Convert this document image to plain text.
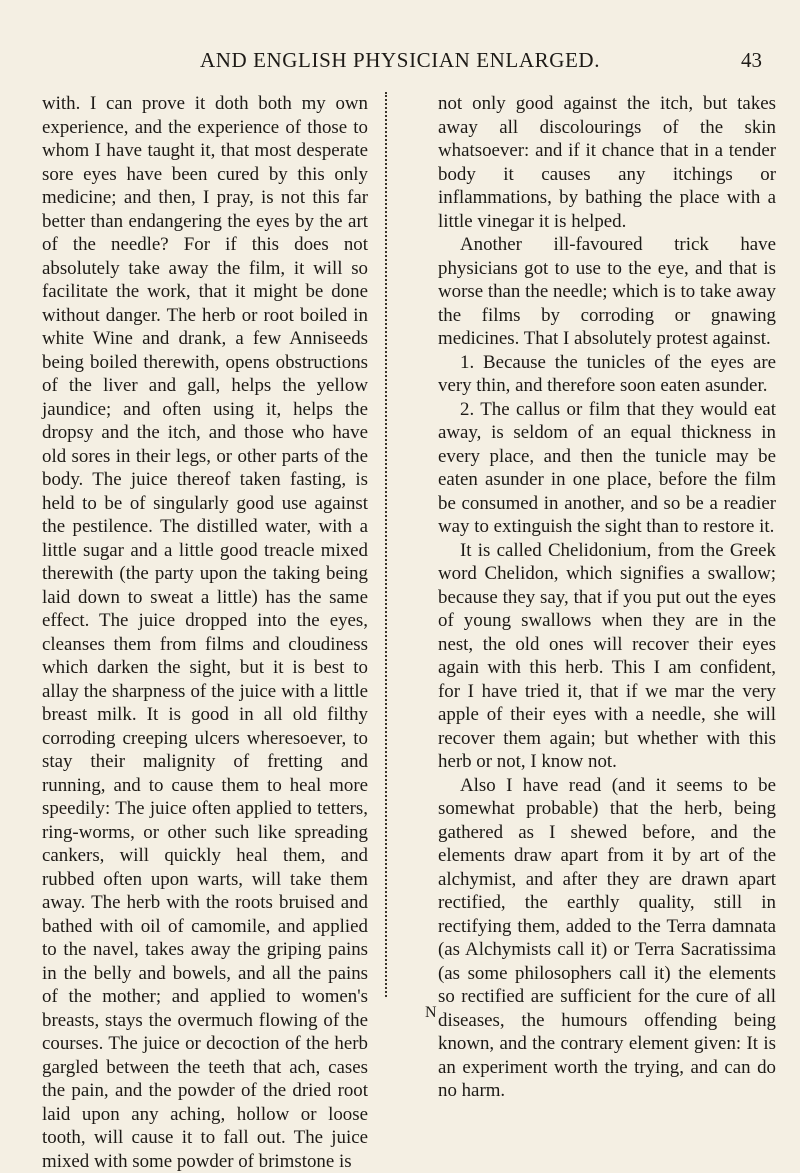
AND ENGLISH PHYSICIAN ENLARGED.	43

with. I can prove it doth both my own experience, and the experience of those to whom I have taught it, that most desperate sore eyes have been cured by this only medicine; and then, I pray, is not this far better than endangering the eyes by the art of the needle? For if this does not absolutely take away the film, it will so facilitate the work, that it might be done without danger. The herb or root boiled in white Wine and drank, a few Anniseeds being boiled therewith, opens obstructions of the liver and gall, helps the yellow jaundice; and often using it, helps the dropsy and the itch, and those who have old sores in their legs, or other parts of the body. The juice thereof taken fasting, is held to be of singularly good use against the pestilence. The distilled water, with a little sugar and a little good treacle mixed therewith (the party upon the taking being laid down to sweat a little) has the same effect. The juice dropped into the eyes, cleanses them from films and cloudiness which darken the sight, but it is best to allay the sharpness of the juice with a little breast milk. It is good in all old filthy corroding creeping ulcers wheresoever, to stay their malignity of fretting and running, and to cause them to heal more speedily: The juice often applied to tetters, ring-worms, or other such like spreading cankers, will quickly heal them, and rubbed often upon warts, will take them away. The herb with the roots bruised and bathed with oil of camomile, and applied to the navel, takes away the griping pains in the belly and bowels, and all the pains of the mother; and applied to women's breasts, stays the overmuch flowing of the courses. The juice or decoction of the herb gargled between the teeth that ach, cases the pain, and the powder of the dried root laid upon any aching, hollow or loose tooth, will cause it to fall out. The juice mixed with some powder of brimstone is

not only good against the itch, but takes away all discolourings of the skin whatsoever: and if it chance that in a tender body it causes any itchings or inflammations, by bathing the place with a little vinegar it is helped.

Another ill-favoured trick have physicians got to use to the eye, and that is worse than the needle; which is to take away the films by corroding or gnawing medicines. That I absolutely protest against.

1. Because the tunicles of the eyes are very thin, and therefore soon eaten asunder.

2. The callus or film that they would eat away, is seldom of an equal thickness in every place, and then the tunicle may be eaten asunder in one place, before the film be consumed in another, and so be a readier way to extinguish the sight than to restore it.

It is called Chelidonium, from the Greek word Chelidon, which signifies a swallow; because they say, that if you put out the eyes of young swallows when they are in the nest, the old ones will recover their eyes again with this herb. This I am confident, for I have tried it, that if we mar the very apple of their eyes with a needle, she will recover them again; but whether with this herb or not, I know not.

Also I have read (and it seems to be somewhat probable) that the herb, being gathered as I shewed before, and the elements draw apart from it by art of the alchymist, and after they are drawn apart rectified, the earthly quality, still in rectifying them, added to the Terra damnata (as Alchymists call it) or Terra Sacratissima (as some philosophers call it) the elements so rectified are sufficient for the cure of all diseases, the humours offending being known, and the contrary element given: It is an experiment worth the trying, and can do no harm.

N
